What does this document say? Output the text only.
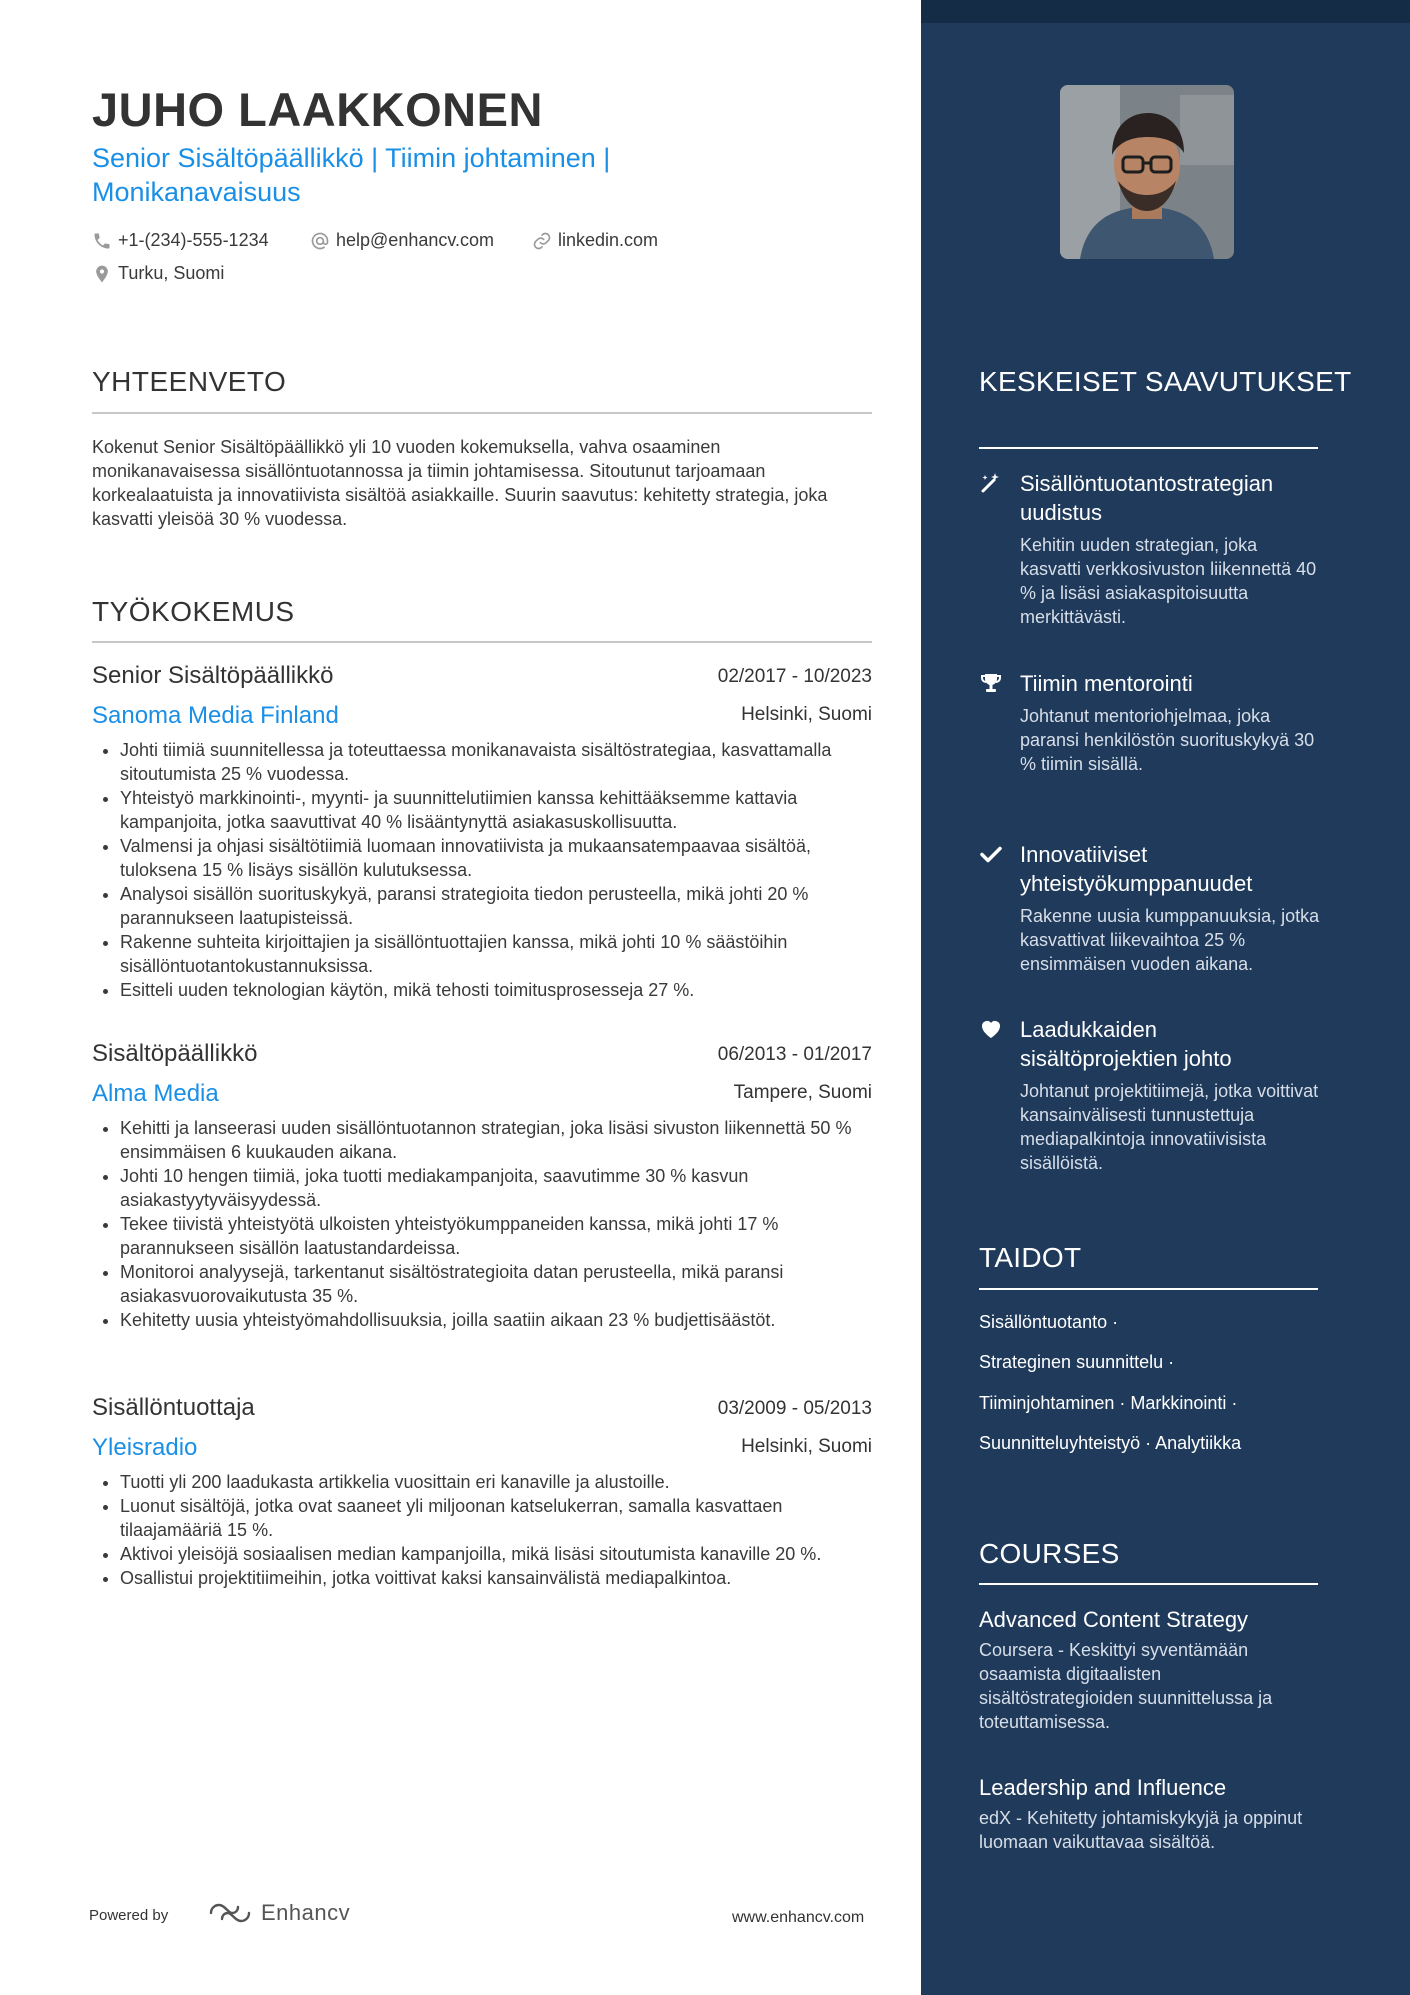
JUHO LAAKKONEN
Senior Sisältöpäällikkö | Tiimin johtaminen | Monikanavaisuus
+1-(234)-555-1234	help@enhancv.com	linkedin.com
Turku, Suomi
YHTEENVETO
Kokenut Senior Sisältöpäällikkö yli 10 vuoden kokemuksella, vahva osaaminen monikanavaisessa sisällöntuotannossa ja tiimin johtamisessa. Sitoutunut tarjoamaan korkealaatuista ja innovatiivista sisältöä asiakkaille. Suurin saavutus: kehitetty strategia, joka kasvatti yleisöä 30 % vuodessa.
TYÖKOKEMUS
Senior Sisältöpäällikkö	02/2017 - 10/2023
Sanoma Media Finland	Helsinki, Suomi
• Johti tiimiä suunnitellessa ja toteuttaessa monikanavaista sisältöstrategiaa, kasvattamalla sitoutumista 25 % vuodessa.
• Yhteistyö markkinointi-, myynti- ja suunnittelutiimien kanssa kehittääksemme kattavia kampanjoita, jotka saavuttivat 40 % lisääntynyttä asiakasuskollisuutta.
• Valmensi ja ohjasi sisältötiimiä luomaan innovatiivista ja mukaansatempaavaa sisältöä, tuloksena 15 % lisäys sisällön kulutuksessa.
• Analysoi sisällön suorituskykyä, paransi strategioita tiedon perusteella, mikä johti 20 % parannukseen laatupisteissä.
• Rakenne suhteita kirjoittajien ja sisällöntuottajien kanssa, mikä johti 10 % säästöihin sisällöntuotantokustannuksissa.
• Esitteli uuden teknologian käytön, mikä tehosti toimitusprosesseja 27 %.
Sisältöpäällikkö	06/2013 - 01/2017
Alma Media	Tampere, Suomi
• Kehitti ja lanseerasi uuden sisällöntuotannon strategian, joka lisäsi sivuston liikennettä 50 % ensimmäisen 6 kuukauden aikana.
• Johti 10 hengen tiimiä, joka tuotti mediakampanjoita, saavutimme 30 % kasvun asiakastyytyväisyydessä.
• Tekee tiivistä yhteistyötä ulkoisten yhteistyökumppaneiden kanssa, mikä johti 17 % parannukseen sisällön laatustandardeissa.
• Monitoroi analyysejä, tarkentanut sisältöstrategioita datan perusteella, mikä paransi asiakasvuorovaikutusta 35 %.
• Kehitetty uusia yhteistyömahdollisuuksia, joilla saatiin aikaan 23 % budjettisäästöt.
Sisällöntuottaja	03/2009 - 05/2013
Yleisradio	Helsinki, Suomi
• Tuotti yli 200 laadukasta artikkelia vuosittain eri kanaville ja alustoille.
• Luonut sisältöjä, jotka ovat saaneet yli miljoonan katselukerran, samalla kasvattaen tilaajamääriä 15 %.
• Aktivoi yleisöjä sosiaalisen median kampanjoilla, mikä lisäsi sitoutumista kanaville 20 %.
• Osallistui projektitiimeihin, jotka voittivat kaksi kansainvälistä mediapalkintoa.
Powered by	Enhancv	www.enhancv.com
KESKEISET SAAVUTUKSET
Sisällöntuotantostrategian uudistus
Kehitin uuden strategian, joka kasvatti verkkosivuston liikennettä 40 % ja lisäsi asiakaspitoisuutta merkittävästi.
Tiimin mentorointi
Johtanut mentoriohjelmaa, joka paransi henkilöstön suorituskykyä 30 % tiimin sisällä.
Innovatiiviset yhteistyökumppanuudet
Rakenne uusia kumppanuuksia, jotka kasvattivat liikevaihtoa 25 % ensimmäisen vuoden aikana.
Laadukkaiden sisältöprojektien johto
Johtanut projektitiimejä, jotka voittivat kansainvälisesti tunnustettuja mediapalkintoja innovatiivisista sisällöistä.
TAIDOT
Sisällöntuotanto ·
Strateginen suunnittelu ·
Tiiminjohtaminen · Markkinointi ·
Suunnitteluyhteistyö · Analytiikka
COURSES
Advanced Content Strategy
Coursera - Keskittyi syventämään osaamista digitaalisten sisältöstrategioiden suunnittelussa ja toteuttamisessa.
Leadership and Influence
edX - Kehitetty johtamiskykyjä ja oppinut luomaan vaikuttavaa sisältöä.
